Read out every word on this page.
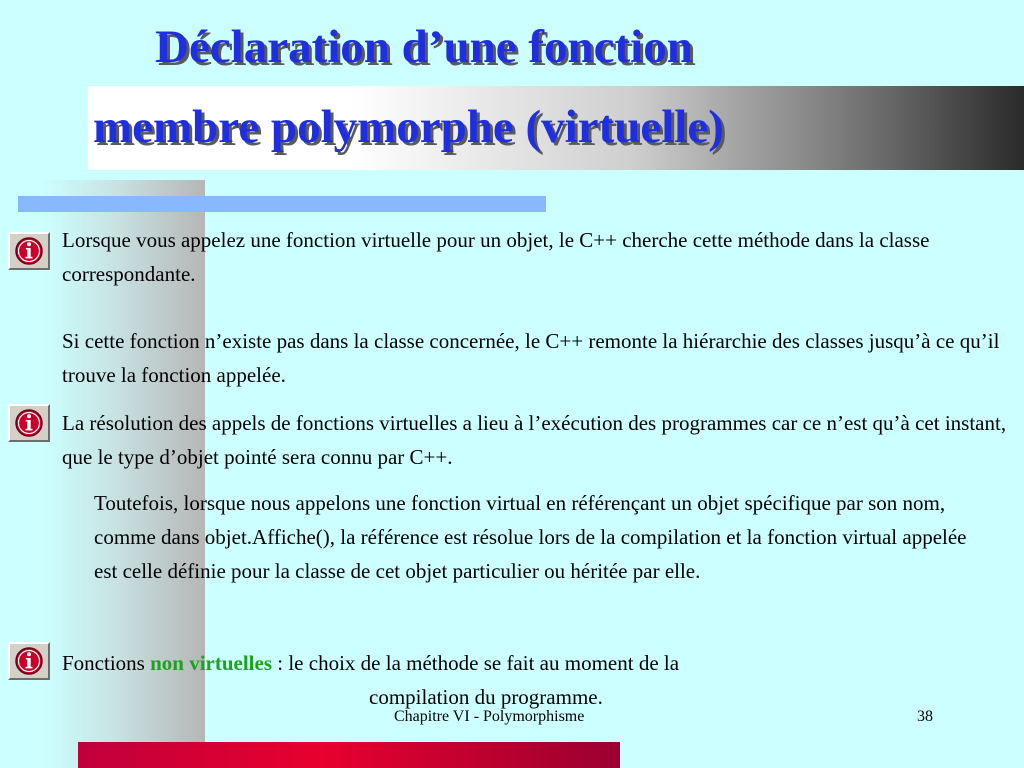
Déclaration d’une fonction
membre polymorphe (virtuelle)
Lorsque vous appelez une fonction virtuelle pour un objet, le C++ cherche cette méthode dans la classe correspondante.
Si cette fonction n’existe pas dans la classe concernée, le C++ remonte la hiérarchie des classes jusqu’à ce qu’il trouve la fonction appelée.
La résolution des appels de fonctions virtuelles a lieu à l’exécution des programmes car ce n’est qu’à cet instant, que le type d’objet pointé sera connu par C++.
Toutefois, lorsque nous appelons une fonction virtual en référençant un objet spécifique par son nom, comme dans objet.Affiche(), la référence est résolue lors de la compilation et la fonction virtual appelée est celle définie pour la classe de cet objet particulier ou héritée par elle.
Fonctions non virtuelles : le choix de la méthode se fait au moment de la
compilation du programme.
Chapitre VI - Polymorphisme	38
